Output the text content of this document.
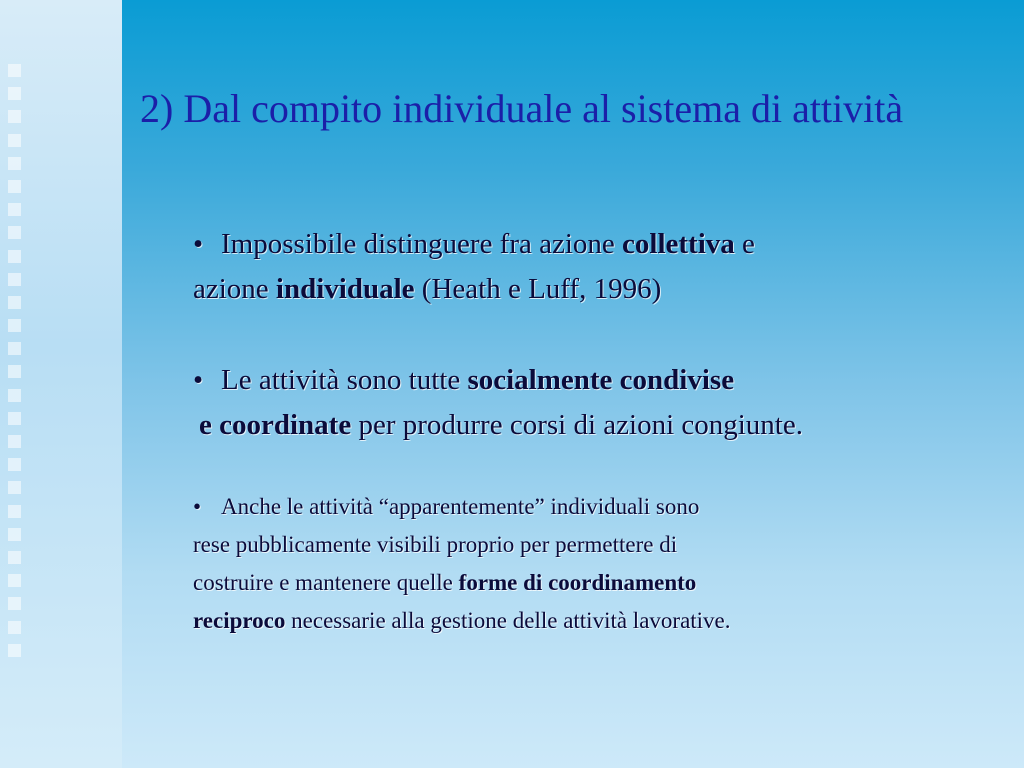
2) Dal compito individuale al sistema di attività

• Impossibile distinguere fra azione collettiva e
azione individuale (Heath e Luff, 1996)

• Le attività sono tutte socialmente condivise
e coordinate per produrre corsi di azioni congiunte.

• Anche le attività “apparentemente” individuali sono
rese pubblicamente visibili proprio per permettere di
costruire e mantenere quelle forme di coordinamento
reciproco necessarie alla gestione delle attività lavorative.
